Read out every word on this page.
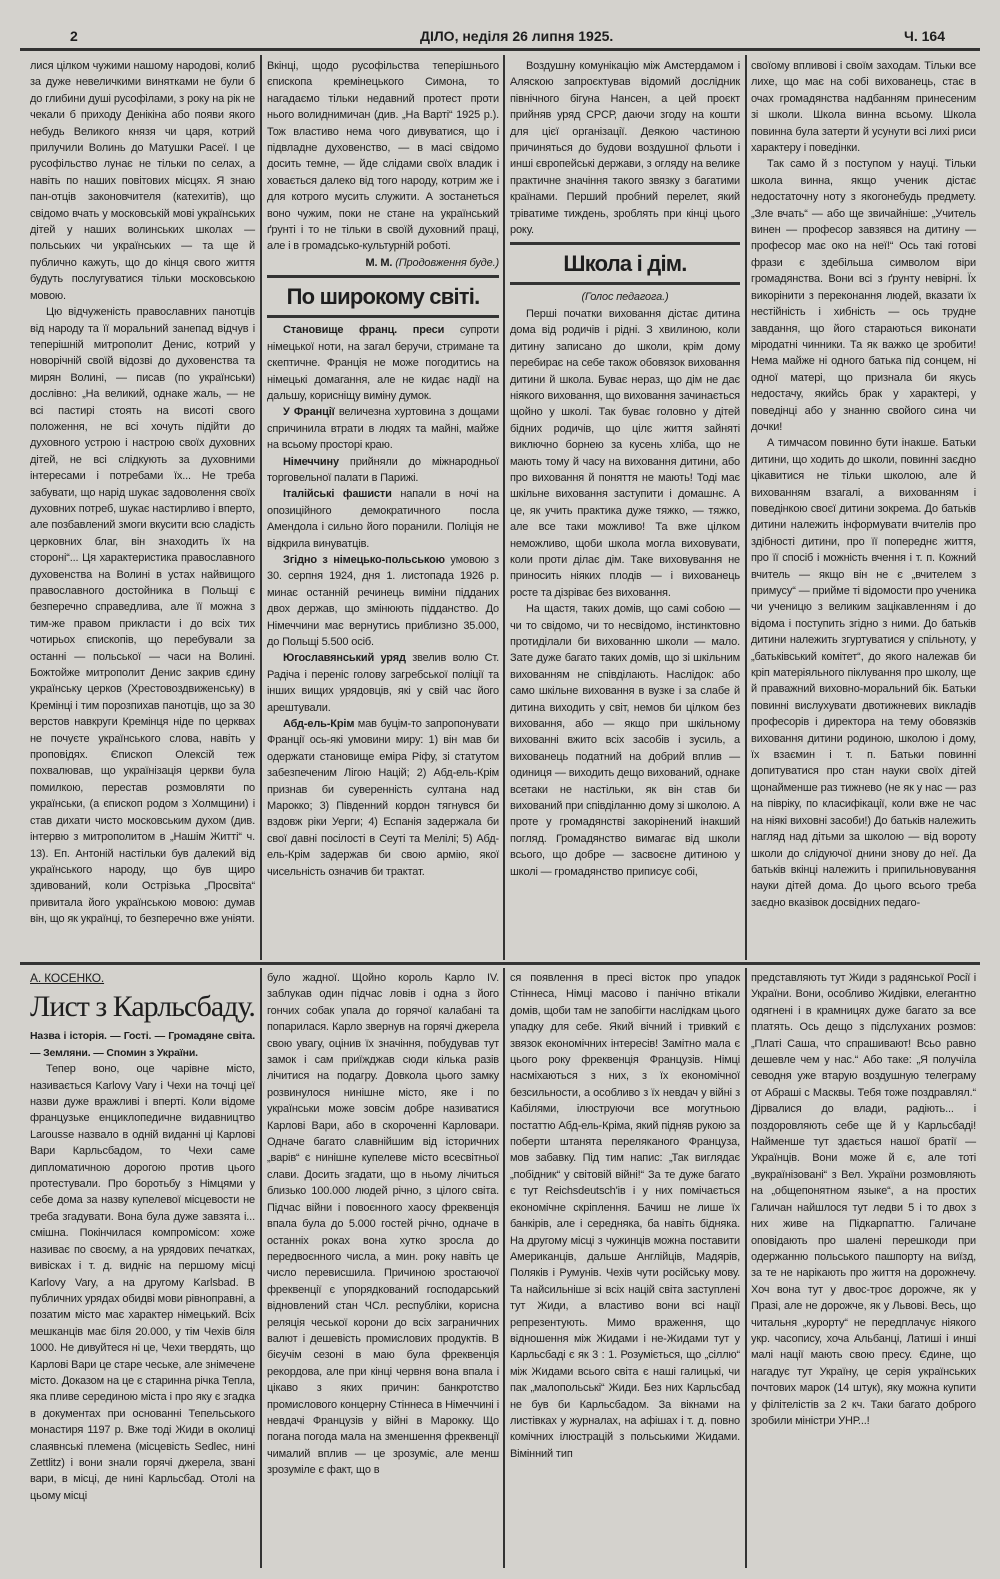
2	ДІЛО, неділя 26 липня 1925.	Ч. 164

лися цілком чужими нашому народові, колиб за дуже невеличкими винятками не були б до глибини душі русофілами, з року на рік не чекали б приходу Денікіна або появи якого небудь Великого князя чи царя, котрий прилучили Волинь до Матушки Расеї. І це русофільство лунає не тільки по селах, а навіть по наших повітових місцях. Я знаю пан-отців законовчителя (катехитів), що свідомо вчать у московській мові українських дітей у наших волинських школах — польських чи українських — та ще й публично кажуть, що до кінця свого життя будуть послугуватися тільки московською мовою.

Цю відчуженість православних панотців від народу та її моральний занепад відчув і теперішній митрополит Денис, котрий у новорічній своїй відозві до духовенства та мирян Волині, — писав (по українськи) дослівно: „На великий, однаке жаль, — не всі пастирі стоять на висоті свого положення, не всі хочуть підійти до духовного устрою і настрою своїх духовних дітей, не всі слідкують за духовними інтересами і потребами їх... Не треба забувати, що нарід шукає задоволення своїх духовних потреб, шукає настирливо і вперто, але позбавлений змоги вкусити всю сладість церковних благ, він знаходить їх на стороні“... Ця характеристика православного духовенства на Волині в устах найвищого православного достойника в Польщі є безперечно справедлива, але її можна з тим-же правом прикласти і до всіх тих чотирьох єпископів, що перебували за останні — польської — часи на Волині. Божтойже митрополит Денис закрив єдину українську церков (Хрестовоздвиженську) в Кремінці і тим порозпихав панотців, що за 30 верстов навкруги Кремінця ніде по церквах не почуєте українського слова, навіть у проповідях. Єпископ Олексій теж похвалював, що українізація церкви була помилкою, перестав розмовляти по українськи, (а єпископ родом з Холмщини) і став дихати чисто московським духом (див. інтервю з митрополитом в „Нашім Житті“ ч. 13). Еп. Антоній настільки був далекий від українського народу, що був щиро здивований, коли Острізька „Просвіта“ привитала його українською мовою: думав він, що як українці, то безперечно вже уніяти.

Вкінці, щодо русофільства теперішнього єпископа кремінецького Симона, то нагадаємо тільки недавний протест проти нього волиднимичан (див. „На Варті“ 1925 р.). Тож властиво нема чого дивуватися, що і підвладне духовенство, — в масі свідомо досить темне, — йде слідами своїх владик і ховається далеко від того народу, котрим же і для котрого мусить служити. А зостанеться воно чужим, поки не стане на український ґрунті і то не тільки в своїй духовний праці, але і в громадсько-культурній роботі.

М. М. (Продовження буде.)

По широкому світі.

Становище франц. преси супроти німецької ноти, на загал беручи, стримане та скептичне. Франція не може погодитись на німецькі домагання, але не кидає надії на дальшу, корисніщу виміну думок.

У Франції величезна хуртовина з дощами спричинила втрати в людях та майні, майже на всьому просторі краю.

Німеччину прийняли до міжнародньої торговельної палати в Парижі.

Італійські фашисти напали в ночі на опозиційного демократичного посла Амендола і сильно його поранили. Поліція не відкрила винуватців.

Згідно з німецько-польською умовою з 30. серпня 1924, дня 1. листопада 1926 р. минає останній речинець виміни підданих двох держав, що змінюють підданство. До Німеччини має вернутись приблизно 35.000, до Польщі 5.500 осіб.

Югославянський уряд звелив волю Ст. Радіча і переніс голову загребської поліції та інших вищих урядовців, які у свій час його арештували.

Абд-ель-Крім мав буцім-то запропонувати Франції ось-які умовини миру: 1) він мав би одержати становище еміра Ріфу, зі статутом забезпеченим Лігою Націй; 2) Абд-ель-Крім признав би суверенність султана над Марокко; 3) Південний кордон тягнувся би вздовж ріки Уерги; 4) Еспанія задержала би свої давні посілості в Сеуті та Мелілі; 5) Абд-ель-Крім задержав би свою армію, якої чисельність означив би трактат.

Воздушну комунікацію між Амстердамом і Аляскою запроєктував відомий дослідник північного бігуна Нансен, а цей проєкт прийняв уряд СРСР, даючи згоду на кошти для цієї організації. Деякою частиною причиняться до будови воздушної фльоти і инші європейські держави, з огляду на велике практичне значіння такого звязку з багатими країнами. Перший пробний перелет, який тріватиме тиждень, зроблять при кінці цього року.

Школа і дім.

(Голос педагога.)

Перші початки виховання дістає дитина дома від родичів і рідні. З хвилиною, коли дитину записано до школи, крім дому перебирає на себе також обовязок виховання дитини й школа. Буває нераз, що дім не дає ніякого виховання, що виховання зачинається щойно у школі. Так буває головно у дітей бідних родичів, що цілє життя зайняті виключно борнею за кусень хліба, що не мають тому й часу на виховання дитини, або про виховання й поняття не мають! Тоді має шкільне виховання заступити і домашнє. А це, як учить практика дуже тяжко, — тяжко, але все таки можливо! Та вже цілком неможливо, щоби школа могла виховувати, коли проти ділає дім. Таке виховування не приносить ніяких плодів — і вихованець росте та дізріває без виховання.

На щастя, таких домів, що самі собою — чи то свідомо, чи то несвідомо, інстинктовно протиділали би вихованню школи — мало. Зате дуже багато таких домів, що зі шкільним вихованням не співділають. Наслідок: або само шкільне виховання в вузке і за слабе й дитина виходить у світ, немов би цілком без виховання, або — якщо при шкільному вихованні вжито всіх засобів і зусиль, а вихованець податний на добрий вплив — одиниця — виходить дещо вихований, однаке всетаки не настільки, як він став би вихований при співділанню дому зі школою. А проте у громадянстві закорінений інакший погляд. Громадянство вимагає від школи всього, що добре — засвоєне дитиною у школі — громадянство приписує собі,

своїому впливові і своїм заходам. Тільки все лихе, що має на собі вихованець, стає в очах громадянства надбанням принесеним зі школи. Школа винна всьому. Школа повинна була затерти й усунути всі лихі риси характеру і поведінки.

Так само й з поступом у науці. Тільки школа винна, якщо ученик дістає недостаточну ноту з якогонебудь предмету. „Зле вчать“ — або ще звичайніше: „Учитель винен — професор завзявся на дитину — професор має око на неї!“ Ось такі готові фрази є здебільша символом віри громадянства. Вони всі з ґрунту невірні. Їх викорінити з переконання людей, вказати їх нестійність і хибність — ось трудне завдання, що його стараються виконати міродатні чинники. Та як важко це зробити! Нема майже ні одного батька під сонцем, ні одної матері, що признала би якусь недостачу, якийсь брак у характері, у поведінці або у знанню свойого сина чи дочки!

А тимчасом повинно бути інакше. Батьки дитини, що ходить до школи, повинні заєдно цікавитися не тільки школою, але й вихованням взагалі, а вихованням і поведінкою своєї дитини зокрема. До батьків дитини належить інформувати вчителів про здібності дитини, про її попереднє життя, про її спосіб і можність вчення і т. п. Кожний вчитель — якщо він не є „вчителем з примусу“ — прийме ті відомости про ученика чи ученицю з великим зацікавленням і до відома і поступить згідно з ними. До батьків дитини належить згуртуватися у спільноту, у „батьківський комітет“, до якого належав би кріп матеріяльного піклування про школу, ще й праважний виховно-моральний бік. Батьки повинні вислухувати двотижневих викладів професорів і директора на тему обовязків виховання дитини родиною, школою і дому, їх взаємин і т. п. Батьки повинні допитуватися про стан науки своїх дітей щонайменше раз тижнево (не як у нас — раз на півріку, по класифікації, коли вже не час на ніякі виховні засоби!) До батьків належить нагляд над дітьми за школою — від вороту школи до слідуючої днини знову до неї. Да батьків вкінці належить і припильновування науки дітей дома. До цього всього треба заєдно вказівок досвідних педаго-

А. КОСЕНКО.

Лист з Карльсбаду.

Назва і історія. — Гості. — Громадяне світа. — Земляни. — Спомин з України.

Тепер воно, оце чарівне місто, називається Karlovy Vary і Чехи на точці цеї назви дуже вражливі і вперті. Коли відоме французьке енциклопедичне видавництво Larousse назвало в одній виданні ці Карлові Вари Карльсбадом, то Чехи саме дипломатичною дорогою против цього протестували. Про боротьбу з Німцями у себе дома за назву купелевої місцевости не треба згадувати. Вона була дуже завзята і... смішна. Покінчилася компромісом: хоже називає по своєму, а на урядових печатках, вивісках і т. д. видніє на першому місці Karlovy Vary, а на другому Karlsbad. В публичних урядах обидві мови рівноправні, а позатим місто має характер німецький. Всіх мешканців має біля 20.000, у тім Чехів біля 1000. Не дивуйтеся ні це, Чехи твердять, що Карлові Вари це старе чеське, але знімечене місто. Доказом на це є старинна річка Тепла, яка пливе серединою міста і про яку є згадка в документах при основанні Тепельського монастиря 1197 р. Вже тоді Жиди в околиці слаявнські племена (місцевість Sedlec, нині Zettlitz) і вони знали горячі джерела, звані вари, в місці, де нині Карльсбад. Отолі на цьому місці

було жадної. Щойно король Карло IV. заблукав один підчас ловів і одна з його гончих собак упала до горячої калабані та попарилася. Карло звернув на горячі джерела свою увагу, оцінив їх значіння, побудував тут замок і сам приїжджав сюди кілька разів лічитися на подагру. Довкола цього замку розвинулося нинішне місто, яке і по українськи може зовсім добре називатися Карлові Вари, або в скороченні Карловари. Одначе багато славнійшим від історичних „варів“ є нинішне купелеве місто всесвітньої слави. Досить згадати, що в ньому лічиться близько 100.000 людей річно, з цілого світа. Підчас війни і повоєнного хаосу фреквенція впала була до 5.000 гостей річно, одначе в останніх роках вона хутко зросла до передвоєнного числа, а мин. року навіть це число перевисшила. Причиною зростаючої фреквенції є упорядкований господарський відновлений стан ЧСл. республіки, корисна реляція чеської корони до всіх заграничних валют і дешевість промислових продуктів. В бієучім сезоні в маю була фреквенція рекордова, але при кінці червня вона впала і цікаво з яких причин: банкротство промислового концерну Стіннеса в Німеччині і невдачі Французів у війні в Марокку. Що погана погода мала на зменшення фреквенції чималий вплив — це зрозуміє, але менш зрозуміле є факт, що в

ся появлення в пресі вісток про упадок Стіннеса, Німці масово і панічно втікали домів, щоби там не запобігти наслідкам цього упадку для себе. Який вічний і тривкий є звязок економічних інтересів! Замітно мала є цього року фреквенція Французів. Німці насміхаються з них, з їх економічної безсильности, а особливо з їх невдач у війні з Кабілями, ілюструючи все могутньою постаттю Абд-ель-Кріма, який підняв рукою за поберти штанята переляканого Француза, мов забавку. Під тим напис: „Так виглядає „побідник“ у світовій війні!“ За те дуже багато є тут Reichsdeutsch'ів і у них помічається економічне скріплення. Бачиш не лише їх банкірів, але і середняка, ба навіть бідняка. На другому місці з чужинців можна поставити Американців, дальше Англійців, Мадярів, Поляків і Румунів. Чехів чути російську мову. Та найсильніше зі всіх націй світа заступлені тут Жиди, а властиво вони всі нації репрезентують. Мимо враження, що відношення між Жидами і не-Жидами тут у Карльсбаді є як 3 : 1. Розуміється, що „сіллю“ між Жидами всього світа є наші галицькі, чи пак „малопольські“ Жиди. Без них Карльсбад не був би Карльсбадом. За вікнами на листівках у журналах, на афішах і т. д. повно комічних ілюстрацій з польськими Жидами. Вімінний тип

представляють тут Жиди з радянської Росії і України. Вони, особливо Жидівки, елегантно одягнені і в крамницях дуже багато за все платять. Ось дещо з підслуханих розмов: „Платі Саша, что спрашивают! Всьо равно дешевле чем у нас.“ Або таке: „Я получіла севодня уже втарую воздушную телеграму от Абраші с Масквы. Тебя тоже поздравлял.“ Дірвалися до влади, радіють... і поздоровляють себе ще й у Карльсбаді! Найменше тут здається нашої братії — Українців. Вони може й є, але тоті „вукраїнізовані“ з Вел. України розмовляють на „общепонятном языке“, а на простих Галичан найшлося тут ледви 5 і то двох з них живе на Підкарпаттю. Галичане оповідають про шалені перешкоди при одержанню польського пашпорту на виїзд, за те не нарікають про життя на дорожнечу. Хоч вона тут у двос-троє дорожче, як у Празі, але не дорожче, як у Львові. Весь, що читальня „курорту“ не передплачує ніякого укр. часопису, хоча Альбанці, Латиші і инші малі нації мають свою пресу. Єдине, що нагадує тут Україну, це серія українських почтових марок (14 штук), яку можна купити у філітелістів за 2 кч. Таки багато доброго зробили міністри УНР...!
